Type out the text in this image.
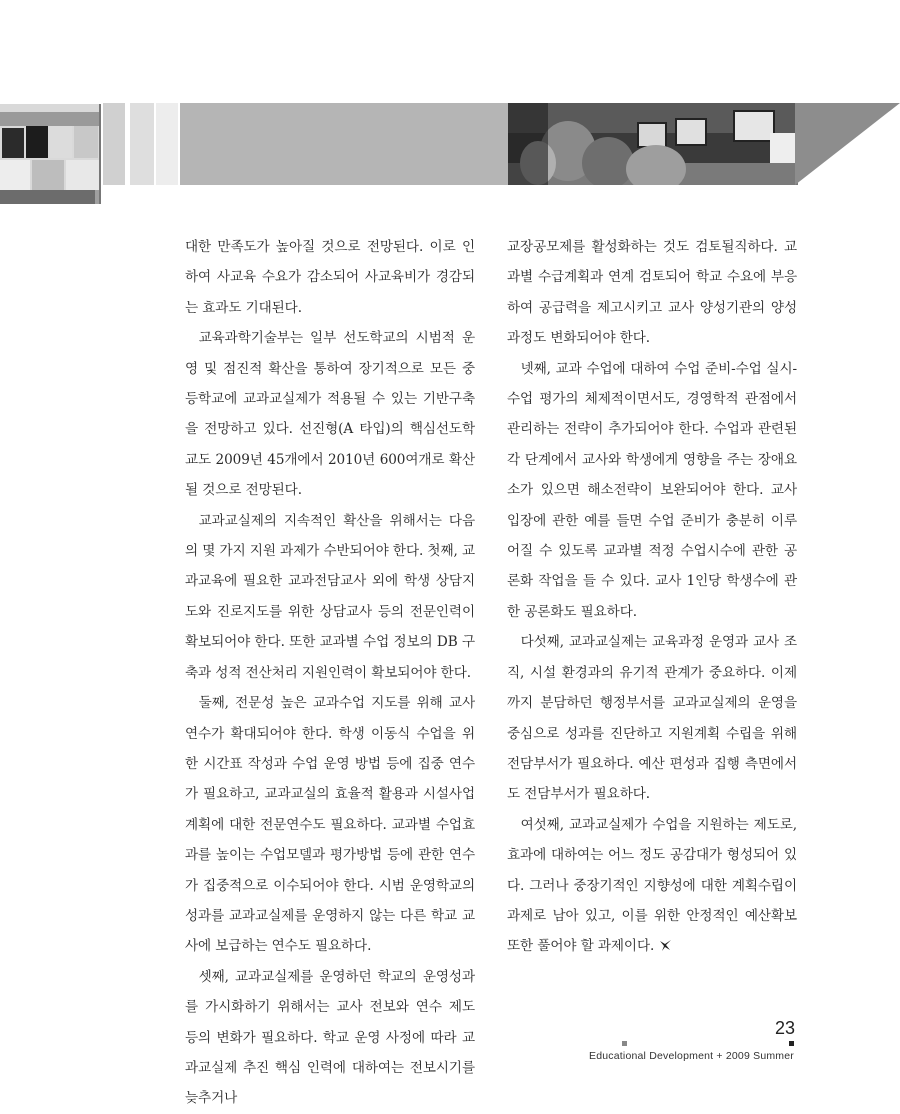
대한 만족도가 높아질 것으로 전망된다. 이로 인하여 사교육 수요가 감소되어 사교육비가 경감되는 효과도 기대된다.

교육과학기술부는 일부 선도학교의 시범적 운영 및 점진적 확산을 통하여 장기적으로 모든 중등학교에 교과교실제가 적용될 수 있는 기반구축을 전망하고 있다. 선진형(A 타입)의 핵심선도학교도 2009년 45개에서 2010년 600여개로 확산될 것으로 전망된다.

교과교실제의 지속적인 확산을 위해서는 다음의 몇 가지 지원 과제가 수반되어야 한다. 첫째, 교과교육에 필요한 교과전담교사 외에 학생 상담지도와 진로지도를 위한 상담교사 등의 전문인력이 확보되어야 한다. 또한 교과별 수업 정보의 DB 구축과 성적 전산처리 지원인력이 확보되어야 한다.

둘째, 전문성 높은 교과수업 지도를 위해 교사연수가 확대되어야 한다. 학생 이동식 수업을 위한 시간표 작성과 수업 운영 방법 등에 집중 연수가 필요하고, 교과교실의 효율적 활용과 시설사업 계획에 대한 전문연수도 필요하다. 교과별 수업효과를 높이는 수업모델과 평가방법 등에 관한 연수가 집중적으로 이수되어야 한다. 시범 운영학교의 성과를 교과교실제를 운영하지 않는 다른 학교 교사에 보급하는 연수도 필요하다.

셋째, 교과교실제를 운영하던 학교의 운영성과를 가시화하기 위해서는 교사 전보와 연수 제도 등의 변화가 필요하다. 학교 운영 사정에 따라 교과교실제 추진 핵심 인력에 대하여는 전보시기를 늦추거나

교장공모제를 활성화하는 것도 검토될직하다. 교과별 수급계획과 연계 검토되어 학교 수요에 부응하여 공급력을 제고시키고 교사 양성기관의 양성과정도 변화되어야 한다.

넷째, 교과 수업에 대하여 수업 준비-수업 실시-수업 평가의 체제적이면서도, 경영학적 관점에서 관리하는 전략이 추가되어야 한다. 수업과 관련된 각 단계에서 교사와 학생에게 영향을 주는 장애요소가 있으면 해소전략이 보완되어야 한다. 교사 입장에 관한 예를 들면 수업 준비가 충분히 이루어질 수 있도록 교과별 적정 수업시수에 관한 공론화 작업을 들 수 있다. 교사 1인당 학생수에 관한 공론화도 필요하다.

다섯째, 교과교실제는 교육과정 운영과 교사 조직, 시설 환경과의 유기적 관계가 중요하다. 이제까지 분담하던 행정부서를 교과교실제의 운영을 중심으로 성과를 진단하고 지원계획 수립을 위해 전담부서가 필요하다. 예산 편성과 집행 측면에서도 전담부서가 필요하다.

여섯째, 교과교실제가 수업을 지원하는 제도로, 효과에 대하여는 어느 정도 공감대가 형성되어 있다. 그러나 중장기적인 지향성에 대한 계획수립이 과제로 남아 있고, 이를 위한 안정적인 예산확보 또한 풀어야 할 과제이다.

23
Educational Development + 2009 Summer
